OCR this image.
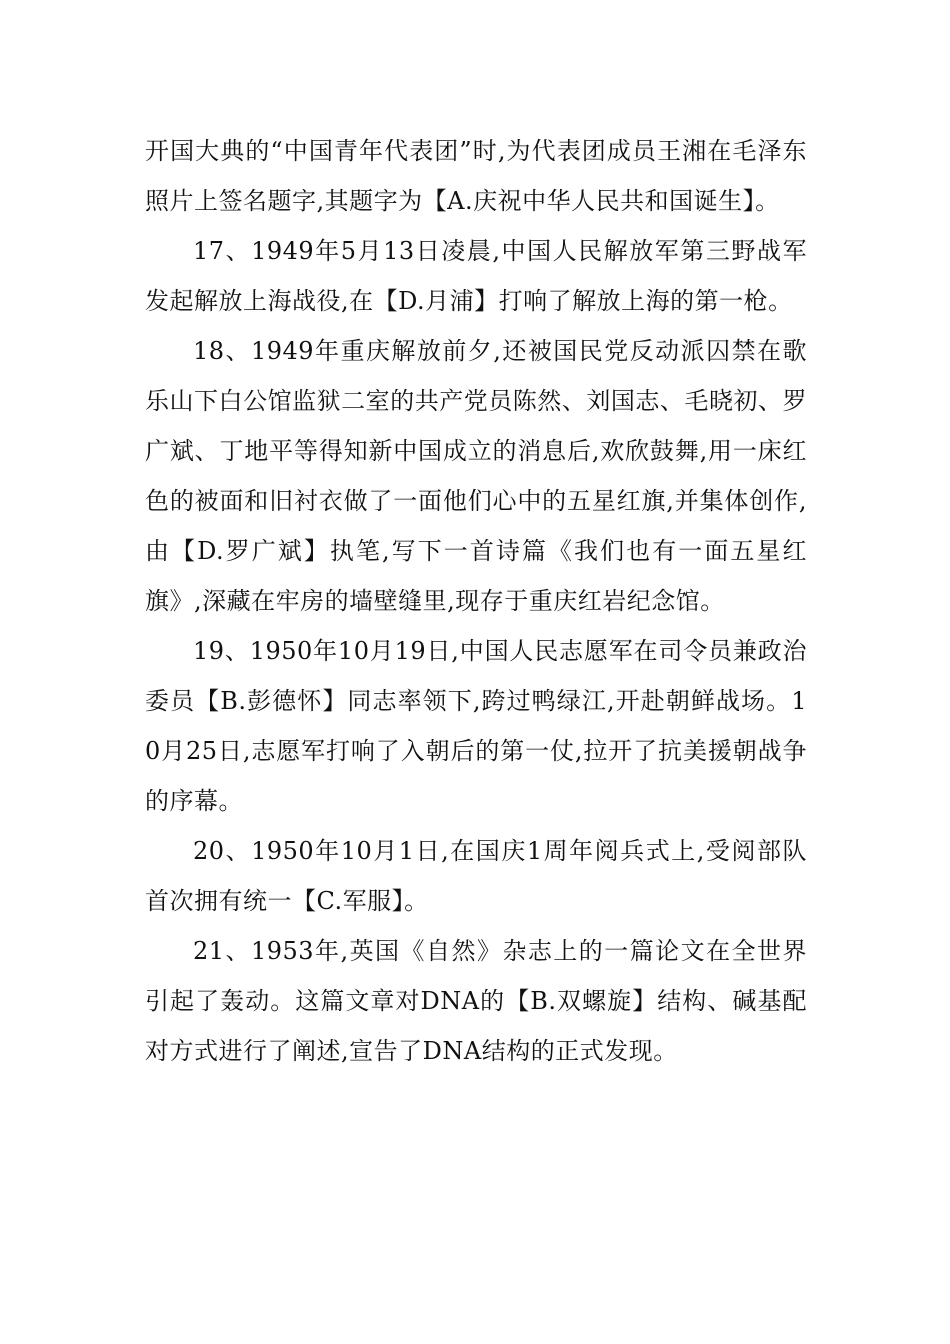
开国大典的“中国青年代表团”时,为代表团成员王湘在毛泽东照片上签名题字,其题字为【A.庆祝中华人民共和国诞生】。

17、1949年5月13日凌晨,中国人民解放军第三野战军发起解放上海战役,在【D.月浦】打响了解放上海的第一枪。

18、1949年重庆解放前夕,还被国民党反动派囚禁在歌乐山下白公馆监狱二室的共产党员陈然、刘国志、毛晓初、罗广斌、丁地平等得知新中国成立的消息后,欢欣鼓舞,用一床红色的被面和旧衬衣做了一面他们心中的五星红旗,并集体创作,由【D.罗广斌】执笔,写下一首诗篇《我们也有一面五星红旗》,深藏在牢房的墙壁缝里,现存于重庆红岩纪念馆。

19、1950年10月19日,中国人民志愿军在司令员兼政治委员【B.彭德怀】同志率领下,跨过鸭绿江,开赴朝鲜战场。10月25日,志愿军打响了入朝后的第一仗,拉开了抗美援朝战争的序幕。

20、1950年10月1日,在国庆1周年阅兵式上,受阅部队首次拥有统一【C.军服】。

21、1953年,英国《自然》杂志上的一篇论文在全世界引起了轰动。这篇文章对DNA的【B.双螺旋】结构、碱基配对方式进行了阐述,宣告了DNA结构的正式发现。
